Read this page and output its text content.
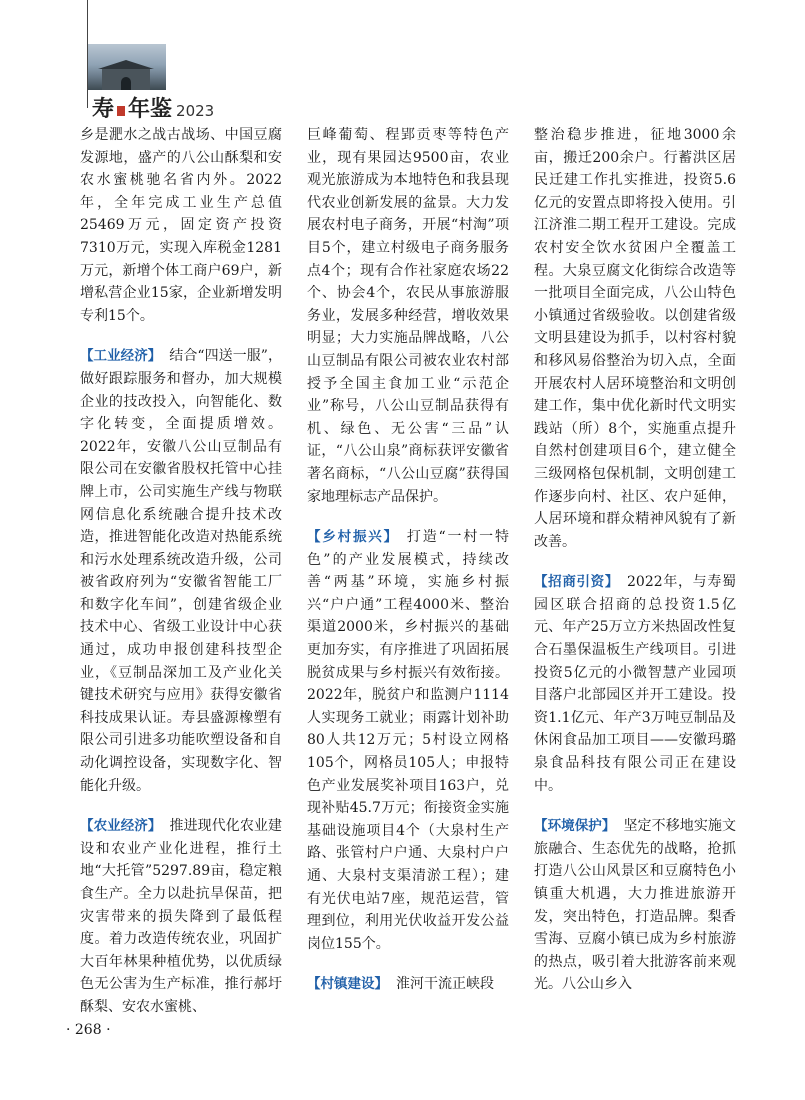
寿 年鉴 2023

乡是淝水之战古战场、中国豆腐发源地，盛产的八公山酥梨和安农水蜜桃驰名省内外。2022年，全年完成工业生产总值25469万元，固定资产投资7310万元，实现入库税金1281万元，新增个体工商户69户，新增私营企业15家，企业新增发明专利15个。

【工业经济】 结合“四送一服”，做好跟踪服务和督办，加大规模企业的技改投入，向智能化、数字化转变，全面提质增效。2022年，安徽八公山豆制品有限公司在安徽省股权托管中心挂牌上市，公司实施生产线与物联网信息化系统融合提升技术改造，推进智能化改造对热能系统和污水处理系统改造升级，公司被省政府列为“安徽省智能工厂和数字化车间”，创建省级企业技术中心、省级工业设计中心获通过，成功申报创建科技型企业，《豆制品深加工及产业化关键技术研究与应用》获得安徽省科技成果认证。寿县盛源橡塑有限公司引进多功能吹塑设备和自动化调控设备，实现数字化、智能化升级。

【农业经济】 推进现代化农业建设和农业产业化进程，推行土地“大托管”5297.89亩，稳定粮食生产。全力以赴抗旱保苗，把灾害带来的损失降到了最低程度。着力改造传统农业，巩固扩大百年林果种植优势，以优质绿色无公害为生产标准，推行郝圩酥梨、安农水蜜桃、

巨峰葡萄、程郢贡枣等特色产业，现有果园达9500亩，农业观光旅游成为本地特色和我县现代农业创新发展的盆景。大力发展农村电子商务，开展“村淘”项目5个，建立村级电子商务服务点4个；现有合作社家庭农场22个、协会4个，农民从事旅游服务业，发展多种经营，增收效果明显；大力实施品牌战略，八公山豆制品有限公司被农业农村部授予全国主食加工业“示范企业”称号，八公山豆制品获得有机、绿色、无公害“三品”认证，“八公山泉”商标获评安徽省著名商标，“八公山豆腐”获得国家地理标志产品保护。

【乡村振兴】 打造“一村一特色”的产业发展模式，持续改善“两基”环境，实施乡村振兴“户户通”工程4000米、整治渠道2000米，乡村振兴的基础更加夯实，有序推进了巩固拓展脱贫成果与乡村振兴有效衔接。2022年，脱贫户和监测户1114人实现务工就业；雨露计划补助80人共12万元；5村设立网格105个，网格员105人；申报特色产业发展奖补项目163户，兑现补贴45.7万元；衔接资金实施基础设施项目4个（大泉村生产路、张管村户户通、大泉村户户通、大泉村支渠清淤工程）；建有光伏电站7座，规范运营，管理到位，利用光伏收益开发公益岗位155个。

【村镇建设】 淮河干流正峡段

整治稳步推进，征地3000余亩，搬迁200余户。行蓄洪区居民迁建工作扎实推进，投资5.6亿元的安置点即将投入使用。引江济淮二期工程开工建设。完成农村安全饮水贫困户全覆盖工程。大泉豆腐文化街综合改造等一批项目全面完成，八公山特色小镇通过省级验收。以创建省级文明县建设为抓手，以村容村貌和移风易俗整治为切入点，全面开展农村人居环境整治和文明创建工作，集中优化新时代文明实践站（所）8个，实施重点提升自然村创建项目6个，建立健全三级网格包保机制，文明创建工作逐步向村、社区、农户延伸，人居环境和群众精神风貌有了新改善。

【招商引资】 2022年，与寿蜀园区联合招商的总投资1.5亿元、年产25万立方米热固改性复合石墨保温板生产线项目。引进投资5亿元的小微智慧产业园项目落户北部园区并开工建设。投资1.1亿元、年产3万吨豆制品及休闲食品加工项目——安徽玛璐泉食品科技有限公司正在建设中。

【环境保护】 坚定不移地实施文旅融合、生态优先的战略，抢抓打造八公山风景区和豆腐特色小镇重大机遇，大力推进旅游开发，突出特色，打造品牌。梨香雪海、豆腐小镇已成为乡村旅游的热点，吸引着大批游客前来观光。八公山乡入

· 268 ·
